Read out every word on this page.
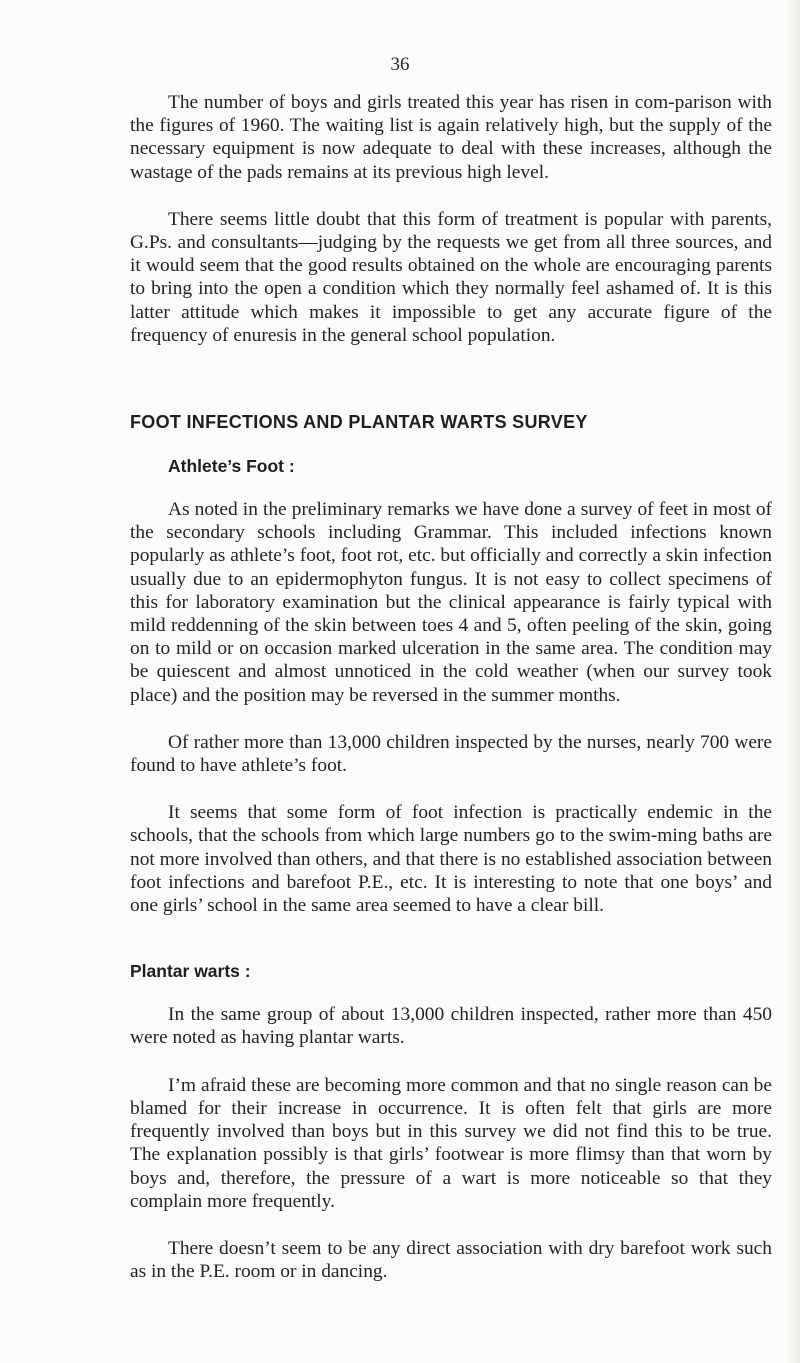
36

The number of boys and girls treated this year has risen in com-parison with the figures of 1960. The waiting list is again relatively high, but the supply of the necessary equipment is now adequate to deal with these increases, although the wastage of the pads remains at its previous high level.

There seems little doubt that this form of treatment is popular with parents, G.Ps. and consultants—judging by the requests we get from all three sources, and it would seem that the good results obtained on the whole are encouraging parents to bring into the open a condition which they normally feel ashamed of. It is this latter attitude which makes it impossible to get any accurate figure of the frequency of enuresis in the general school population.

FOOT INFECTIONS AND PLANTAR WARTS SURVEY
Athlete’s Foot :

As noted in the preliminary remarks we have done a survey of feet in most of the secondary schools including Grammar. This included infections known popularly as athlete’s foot, foot rot, etc. but officially and correctly a skin infection usually due to an epidermophyton fungus. It is not easy to collect specimens of this for laboratory examination but the clinical appearance is fairly typical with mild reddenning of the skin between toes 4 and 5, often peeling of the skin, going on to mild or on occasion marked ulceration in the same area. The condition may be quiescent and almost unnoticed in the cold weather (when our survey took place) and the position may be reversed in the summer months.

Of rather more than 13,000 children inspected by the nurses, nearly 700 were found to have athlete’s foot.

It seems that some form of foot infection is practically endemic in the schools, that the schools from which large numbers go to the swim-ming baths are not more involved than others, and that there is no established association between foot infections and barefoot P.E., etc. It is interesting to note that one boys’ and one girls’ school in the same area seemed to have a clear bill.

Plantar warts :

In the same group of about 13,000 children inspected, rather more than 450 were noted as having plantar warts.

I’m afraid these are becoming more common and that no single reason can be blamed for their increase in occurrence. It is often felt that girls are more frequently involved than boys but in this survey we did not find this to be true. The explanation possibly is that girls’ footwear is more flimsy than that worn by boys and, therefore, the pressure of a wart is more noticeable so that they complain more frequently.

There doesn’t seem to be any direct association with dry barefoot work such as in the P.E. room or in dancing.
